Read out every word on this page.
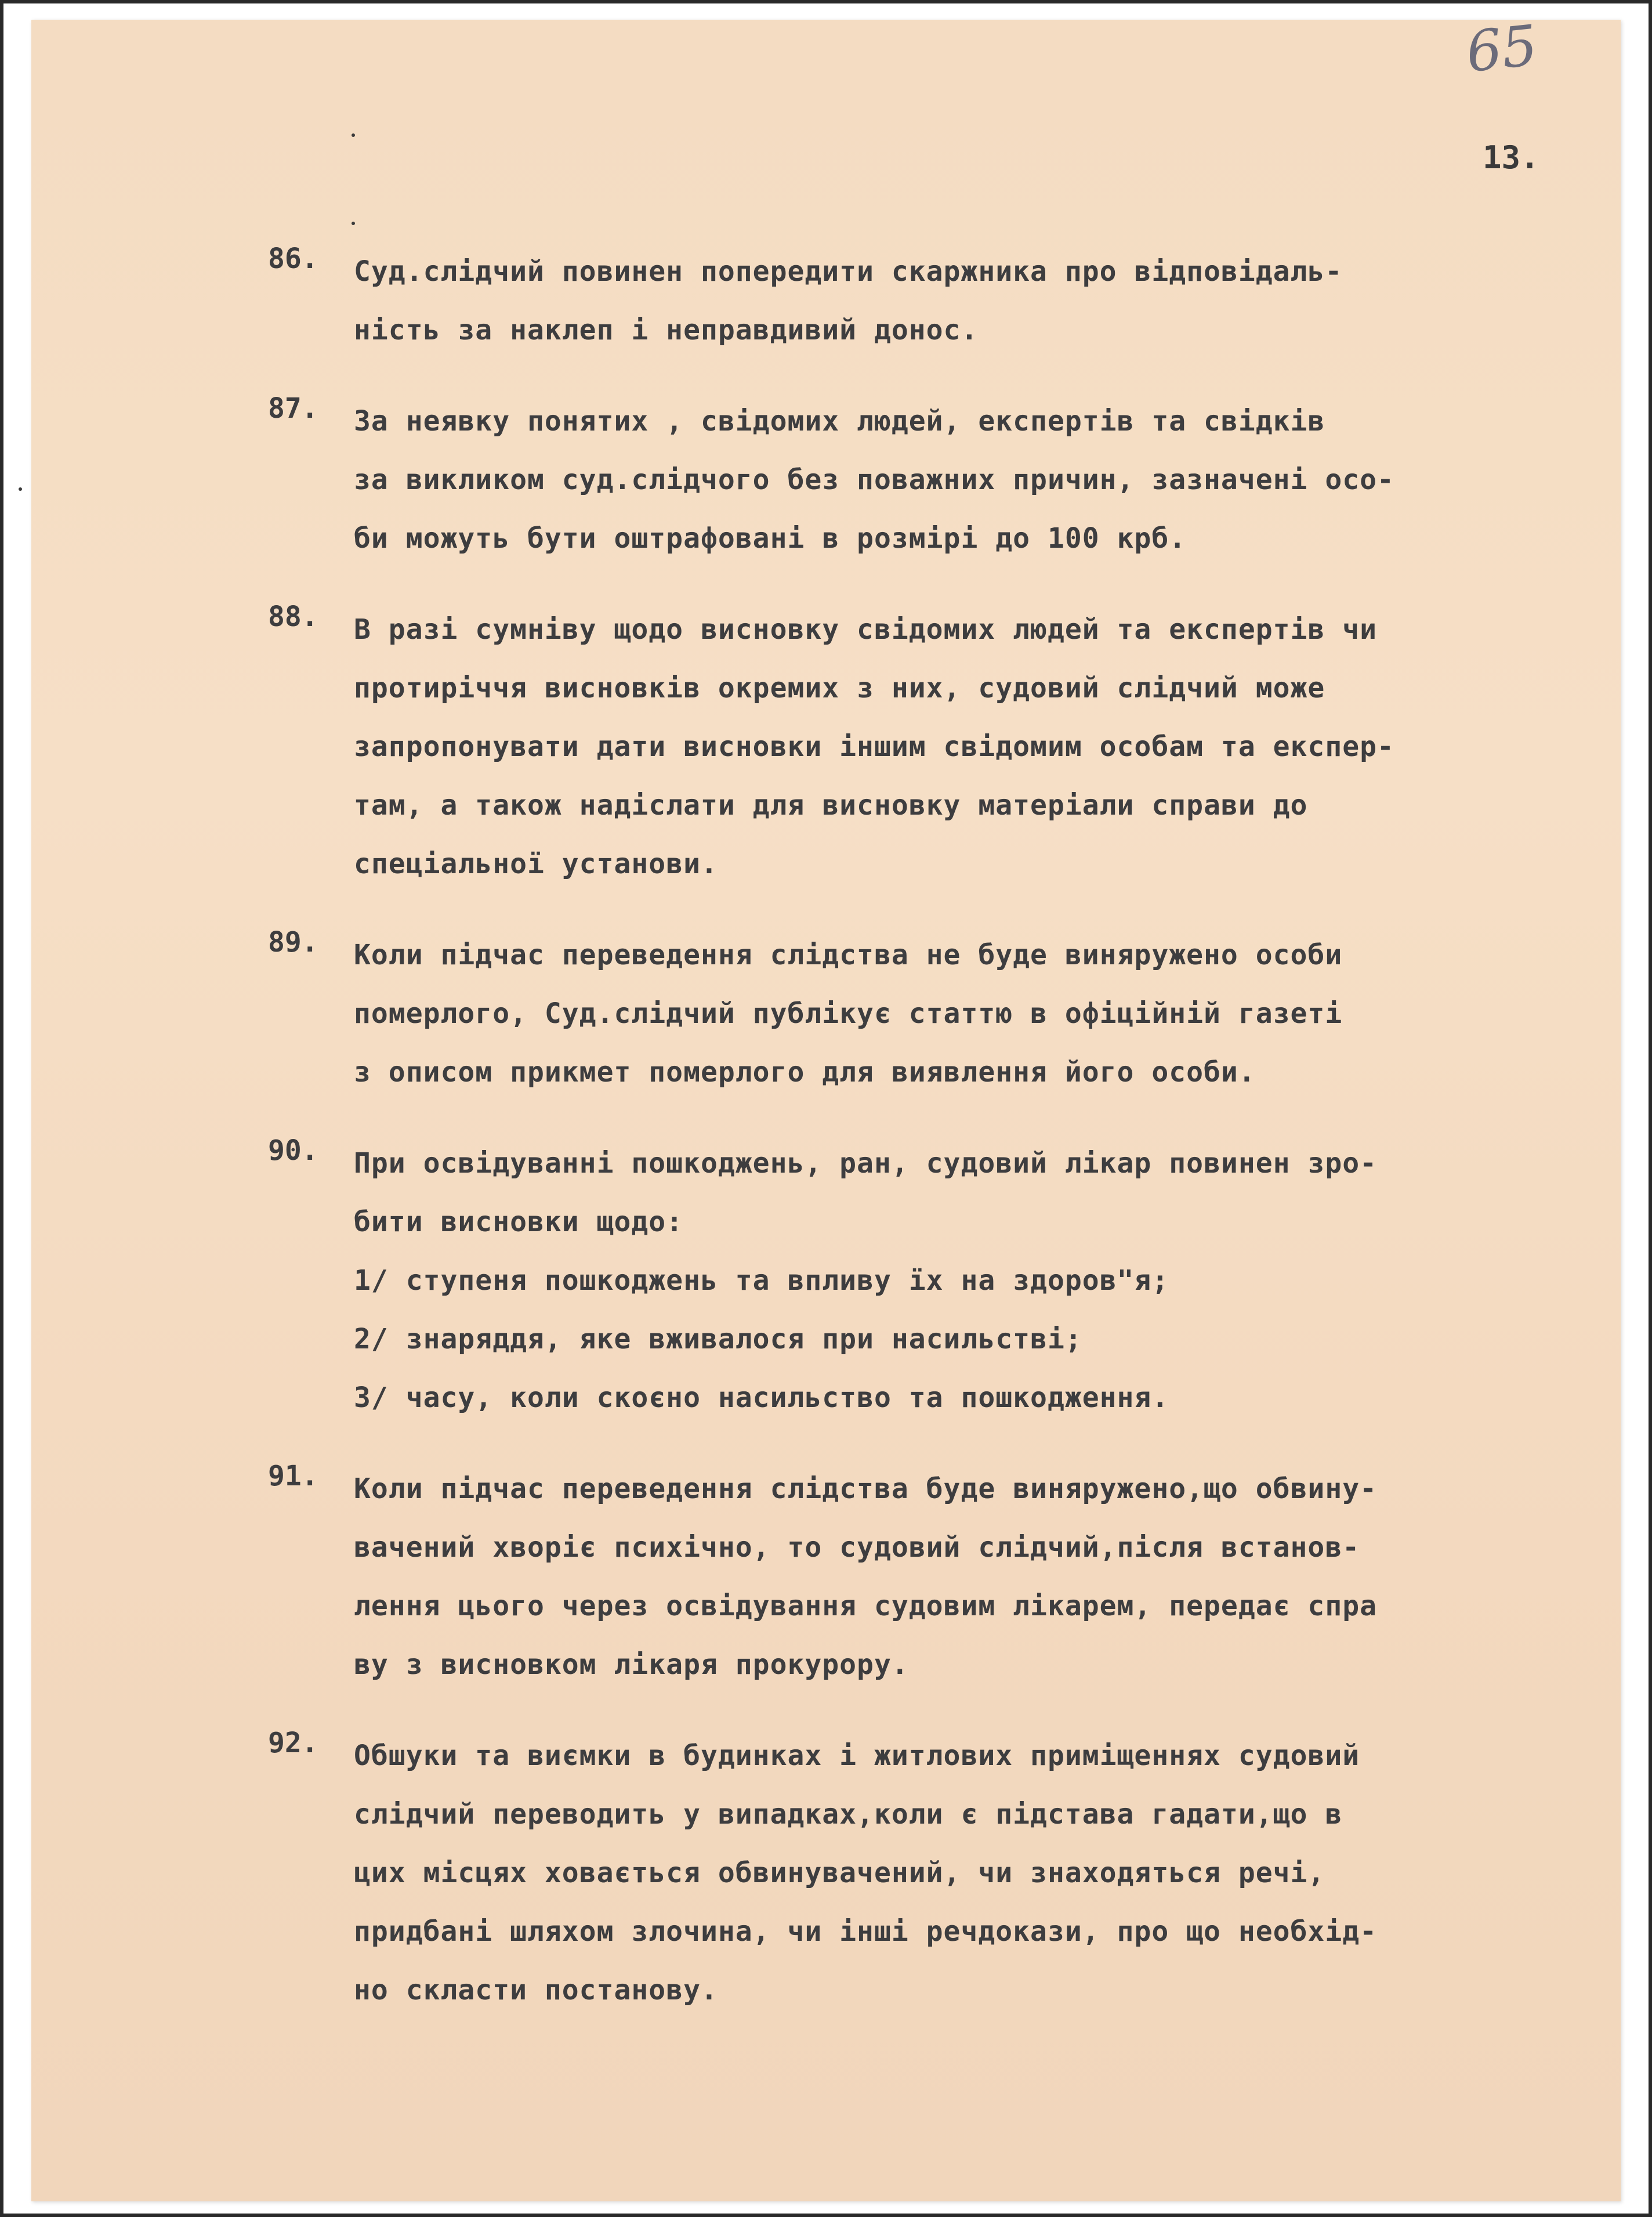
65
13.
86.	Суд.слідчий повинен попередити скаржника про відповідаль-
ність за наклеп і неправдивий донос.
87.	За неявку понятих , свідомих людей, експертів та свідків
за викликом суд.слідчого без поважних причин, зазначені осо-
би можуть бути оштрафовані в розмірі до 100 крб.
88.	В разі сумніву щодо висновку свідомих людей та експертів чи
протиріччя висновків окремих з них, судовий слідчий може
запропонувати дати висновки іншим свідомим особам та експер-
там, а також надіслати для висновку матеріали справи до
спеціальної установи.
89.	Коли підчас переведення слідства не буде виняружено особи
померлого, Суд.слідчий публікує статтю в офіційній газеті
з описом прикмет померлого для виявлення його особи.
90.	При освідуванні пошкоджень, ран, судовий лікар повинен зро-
бити висновки щодо:
1/ ступеня пошкоджень та впливу їх на здоров"я;
2/ знаряддя, яке вживалося при насильстві;
3/ часу, коли скоєно насильство та пошкодження.
91.	Коли підчас переведення слідства буде виняружено,що обвину-
вачений хворіє психічно, то судовий слідчий,після встанов-
лення цього через освідування судовим лікарем, передає спра
ву з висновком лікаря прокурору.
92.	Обшуки та виємки в будинках і житлових приміщеннях судовий
слідчий переводить у випадках,коли є підстава гадати,що в
цих місцях ховається обвинувачений, чи знаходяться речі,
придбані шляхом злочина, чи інші речдокази, про що необхід-
но скласти постанову.
